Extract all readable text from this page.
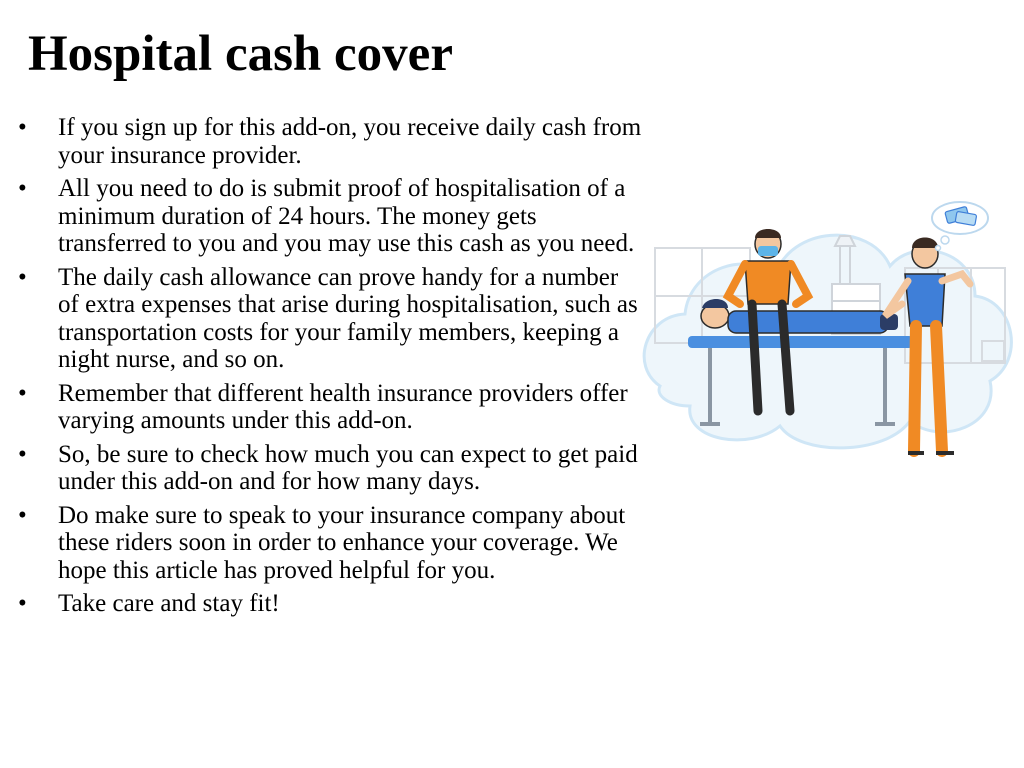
Hospital cash cover
• If you sign up for this add-on, you receive daily cash from your insurance provider.
• All you need to do is submit proof of hospitalisation of a minimum duration of 24 hours. The money gets transferred to you and you may use this cash as you need.
• The daily cash allowance can prove handy for a number of extra expenses that arise during hospitalisation, such as transportation costs for your family members, keeping a night nurse, and so on.
• Remember that different health insurance providers offer varying amounts under this add-on.
• So, be sure to check how much you can expect to get paid under this add-on and for how many days.
• Do make sure to speak to your insurance company about these riders soon in order to enhance your coverage. We hope this article has proved helpful for you.
• Take care and stay fit!
